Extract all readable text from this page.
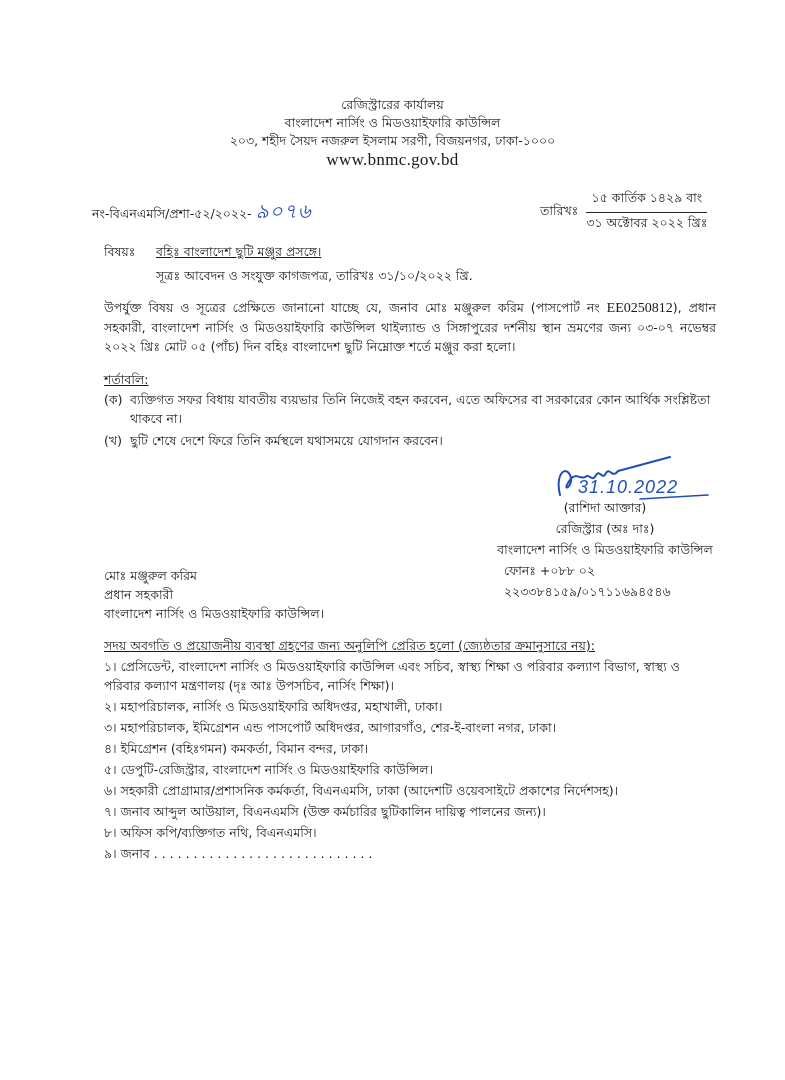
রেজিস্ট্রারের কার্যালয়
বাংলাদেশ নার্সিং ও মিডওয়াইফারি কাউন্সিল
২০৩, শহীদ সৈয়দ নজরুল ইসলাম সরণী, বিজয়নগর, ঢাকা-১০০০
www.bnmc.gov.bd
নং-বিএনএমসি/প্রশা-৫২/২০২২- ৯০৭৬	তারিখঃ
১৫ কার্তিক ১৪২৯ বাং
৩১ অক্টোবর ২০২২ খ্রিঃ
বিষয়ঃ	বহিঃ বাংলাদেশ ছুটি মঞ্জুর প্রসঙ্গে।
সূত্রঃ আবেদন ও সংযুক্ত কাগজপত্র, তারিখঃ ৩১/১০/২০২২ খ্রি.
উপর্যুক্ত বিষয় ও সূত্রের প্রেক্ষিতে জানানো যাচ্ছে যে, জনাব মোঃ মঞ্জুরুল করিম (পাসপোর্ট নং EE0250812), প্রধান সহকারী, বাংলাদেশ নার্সিং ও মিডওয়াইফারি কাউন্সিল থাইল্যান্ড ও সিঙ্গাপুরের দর্শনীয় স্থান ভ্রমণের জন্য ০৩-০৭ নভেম্বর ২০২২ খ্রিঃ মোট ০৫ (পাঁচ) দিন বহিঃ বাংলাদেশ ছুটি নিম্নোক্ত শর্তে মঞ্জুর করা হলো।
শর্তাবলি:
(ক) ব্যক্তিগত সফর বিধায় যাবতীয় ব্যয়ভার তিনি নিজেই বহন করবেন, এতে অফিসের বা সরকারের কোন আর্থিক সংশ্লিষ্টতা থাকবে না।
(খ) ছুটি শেষে দেশে ফিরে তিনি কর্মস্থলে যথাসময়ে যোগদান করবেন।
31.10.2022
(রাশিদা আক্তার)
রেজিস্ট্রার (অঃ দাঃ)
বাংলাদেশ নার্সিং ও মিডওয়াইফারি কাউন্সিল
ফোনঃ +০৮৮ ০২ ২২৩৩৮৪১৫৯/০১৭১১৬৯৪৫৪৬
মোঃ মঞ্জুরুল করিম
প্রধান সহকারী
বাংলাদেশ নার্সিং ও মিডওয়াইফারি কাউন্সিল।
সদয় অবগতি ও প্রয়োজনীয় ব্যবস্থা গ্রহণের জন্য অনুলিপি প্রেরিত হলো (জ্যেষ্ঠতার ক্রমানুসারে নয়):
১। প্রেসিডেন্ট, বাংলাদেশ নার্সিং ও মিডওয়াইফারি কাউন্সিল এবং সচিব, স্বাস্থ্য শিক্ষা ও পরিবার কল্যাণ বিভাগ, স্বাস্থ্য ও পরিবার কল্যাণ মন্ত্রণালয় (দৃঃ আঃ উপসচিব, নার্সিং শিক্ষা)।
২। মহাপরিচালক, নার্সিং ও মিডওয়াইফারি অধিদপ্তর, মহাখালী, ঢাকা।
৩। মহাপরিচালক, ইমিগ্রেশন এন্ড পাসপোর্ট অধিদপ্তর, আগারগাঁও, শের-ই-বাংলা নগর, ঢাকা।
৪। ইমিগ্রেশন (বহিঃগমন) কমকর্তা, বিমান বন্দর, ঢাকা।
৫। ডেপুটি-রেজিস্ট্রার, বাংলাদেশ নার্সিং ও মিডওয়াইফারি কাউন্সিল।
৬। সহকারী প্রোগ্রামার/প্রশাসনিক কর্মকর্তা, বিএনএমসি, ঢাকা (আদেশটি ওয়েবসাইটে প্রকাশের নির্দেশসহ)।
৭। জনাব আব্দুল আউয়াল, বিএনএমসি (উক্ত কর্মচারির ছুটিকালিন দায়িত্ব পালনের জন্য)।
৮। অফিস কপি/ব্যক্তিগত নথি, বিএনএমসি।
৯। জনাব . . . . . . . . . . . . . . . . . . . . . . . . . . . .
